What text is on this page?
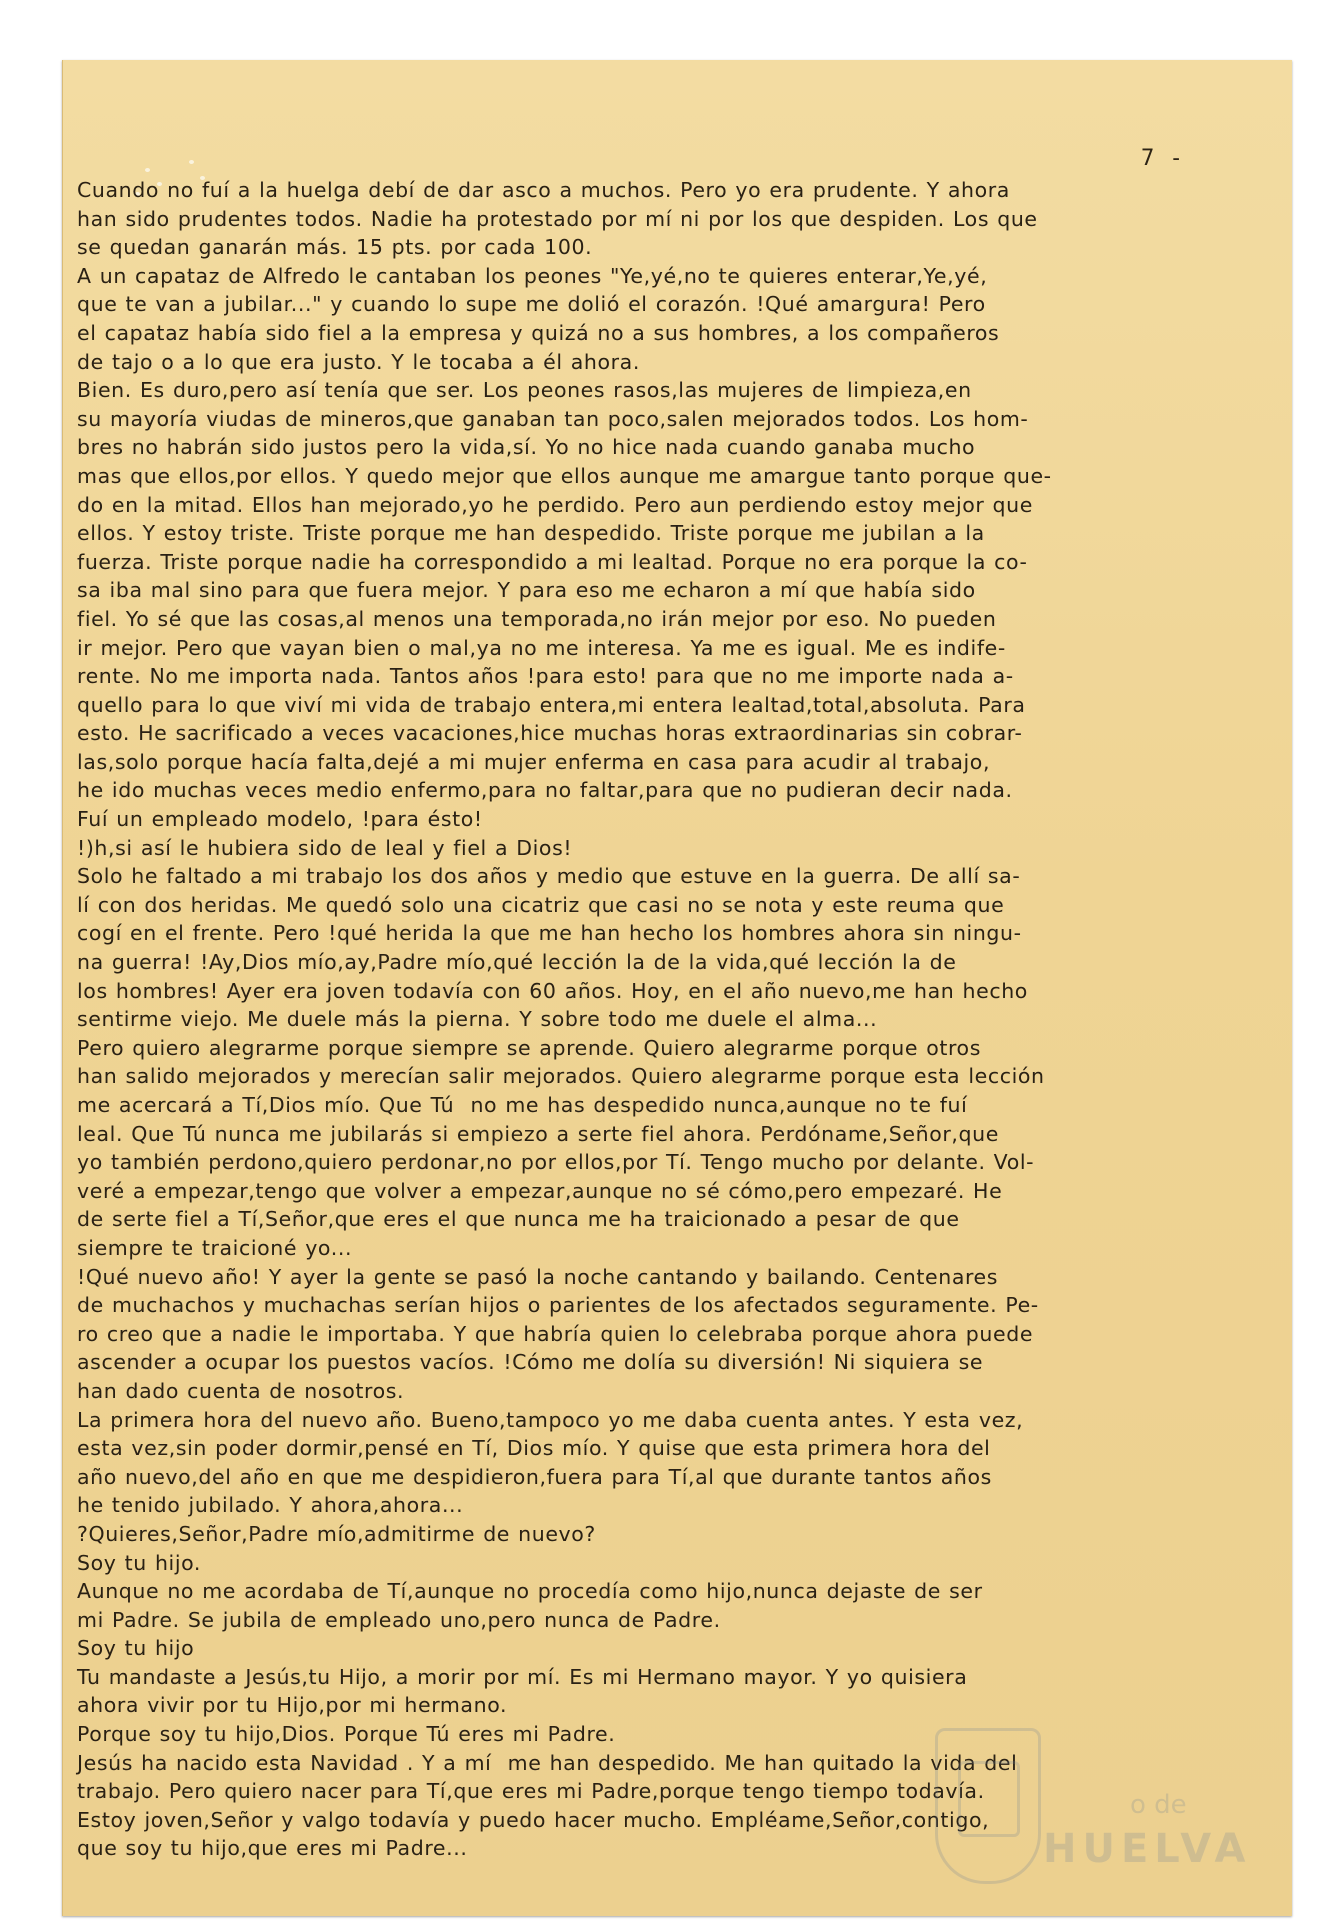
7 -
Cuando no fuí a la huelga debí de dar asco a muchos. Pero yo era prudente. Y ahora
han sido prudentes todos. Nadie ha protestado por mí ni por los que despiden. Los que
se quedan ganarán más. 15 pts. por cada 100.
A un capataz de Alfredo le cantaban los peones "Ye,yé,no te quieres enterar,Ye,yé,
que te van a jubilar..." y cuando lo supe me dolió el corazón. !Qué amargura! Pero
el capataz había sido fiel a la empresa y quizá no a sus hombres, a los compañeros
de tajo o a lo que era justo. Y le tocaba a él ahora.
Bien. Es duro,pero así tenía que ser. Los peones rasos,las mujeres de limpieza,en
su mayoría viudas de mineros,que ganaban tan poco,salen mejorados todos. Los hom-
bres no habrán sido justos pero la vida,sí. Yo no hice nada cuando ganaba mucho
mas que ellos,por ellos. Y quedo mejor que ellos aunque me amargue tanto porque que-
do en la mitad. Ellos han mejorado,yo he perdido. Pero aun perdiendo estoy mejor que
ellos. Y estoy triste. Triste porque me han despedido. Triste porque me jubilan a la
fuerza. Triste porque nadie ha correspondido a mi lealtad. Porque no era porque la co-
sa iba mal sino para que fuera mejor. Y para eso me echaron a mí que había sido
fiel. Yo sé que las cosas,al menos una temporada,no irán mejor por eso. No pueden
ir mejor. Pero que vayan bien o mal,ya no me interesa. Ya me es igual. Me es indife-
rente. No me importa nada. Tantos años !para esto! para que no me importe nada a-
quello para lo que viví mi vida de trabajo entera,mi entera lealtad,total,absoluta. Para
esto. He sacrificado a veces vacaciones,hice muchas horas extraordinarias sin cobrar-
las,solo porque hacía falta,dejé a mi mujer enferma en casa para acudir al trabajo,
he ido muchas veces medio enfermo,para no faltar,para que no pudieran decir nada.
Fuí un empleado modelo, !para ésto!
!)h,si así le hubiera sido de leal y fiel a Dios!
Solo he faltado a mi trabajo los dos años y medio que estuve en la guerra. De allí sa-
lí con dos heridas. Me quedó solo una cicatriz que casi no se nota y este reuma que
cogí en el frente. Pero !qué herida la que me han hecho los hombres ahora sin ningu-
na guerra! !Ay,Dios mío,ay,Padre mío,qué lección la de la vida,qué lección la de
los hombres! Ayer era joven todavía con 60 años. Hoy, en el año nuevo,me han hecho
sentirme viejo. Me duele más la pierna. Y sobre todo me duele el alma...
Pero quiero alegrarme porque siempre se aprende. Quiero alegrarme porque otros
han salido mejorados y merecían salir mejorados. Quiero alegrarme porque esta lección
me acercará a Tí,Dios mío. Que Tú  no me has despedido nunca,aunque no te fuí
leal. Que Tú nunca me jubilarás si empiezo a serte fiel ahora. Perdóname,Señor,que
yo también perdono,quiero perdonar,no por ellos,por Tí. Tengo mucho por delante. Vol-
veré a empezar,tengo que volver a empezar,aunque no sé cómo,pero empezaré. He
de serte fiel a Tí,Señor,que eres el que nunca me ha traicionado a pesar de que
siempre te traicioné yo...
!Qué nuevo año! Y ayer la gente se pasó la noche cantando y bailando. Centenares
de muchachos y muchachas serían hijos o parientes de los afectados seguramente. Pe-
ro creo que a nadie le importaba. Y que habría quien lo celebraba porque ahora puede
ascender a ocupar los puestos vacíos. !Cómo me dolía su diversión! Ni siquiera se
han dado cuenta de nosotros.
La primera hora del nuevo año. Bueno,tampoco yo me daba cuenta antes. Y esta vez,
esta vez,sin poder dormir,pensé en Tí, Dios mío. Y quise que esta primera hora del
año nuevo,del año en que me despidieron,fuera para Tí,al que durante tantos años
he tenido jubilado. Y ahora,ahora...
?Quieres,Señor,Padre mío,admitirme de nuevo?
Soy tu hijo.
Aunque no me acordaba de Tí,aunque no procedía como hijo,nunca dejaste de ser
mi Padre. Se jubila de empleado uno,pero nunca de Padre.
Soy tu hijo
Tu mandaste a Jesús,tu Hijo, a morir por mí. Es mi Hermano mayor. Y yo quisiera
ahora vivir por tu Hijo,por mi hermano.
Porque soy tu hijo,Dios. Porque Tú eres mi Padre.
Jesús ha nacido esta Navidad . Y a mí  me han despedido. Me han quitado la vida del
trabajo. Pero quiero nacer para Tí,que eres mi Padre,porque tengo tiempo todavía.
Estoy joven,Señor y valgo todavía y puedo hacer mucho. Empléame,Señor,contigo,
que soy tu hijo,que eres mi Padre...
o de
HUELVA
